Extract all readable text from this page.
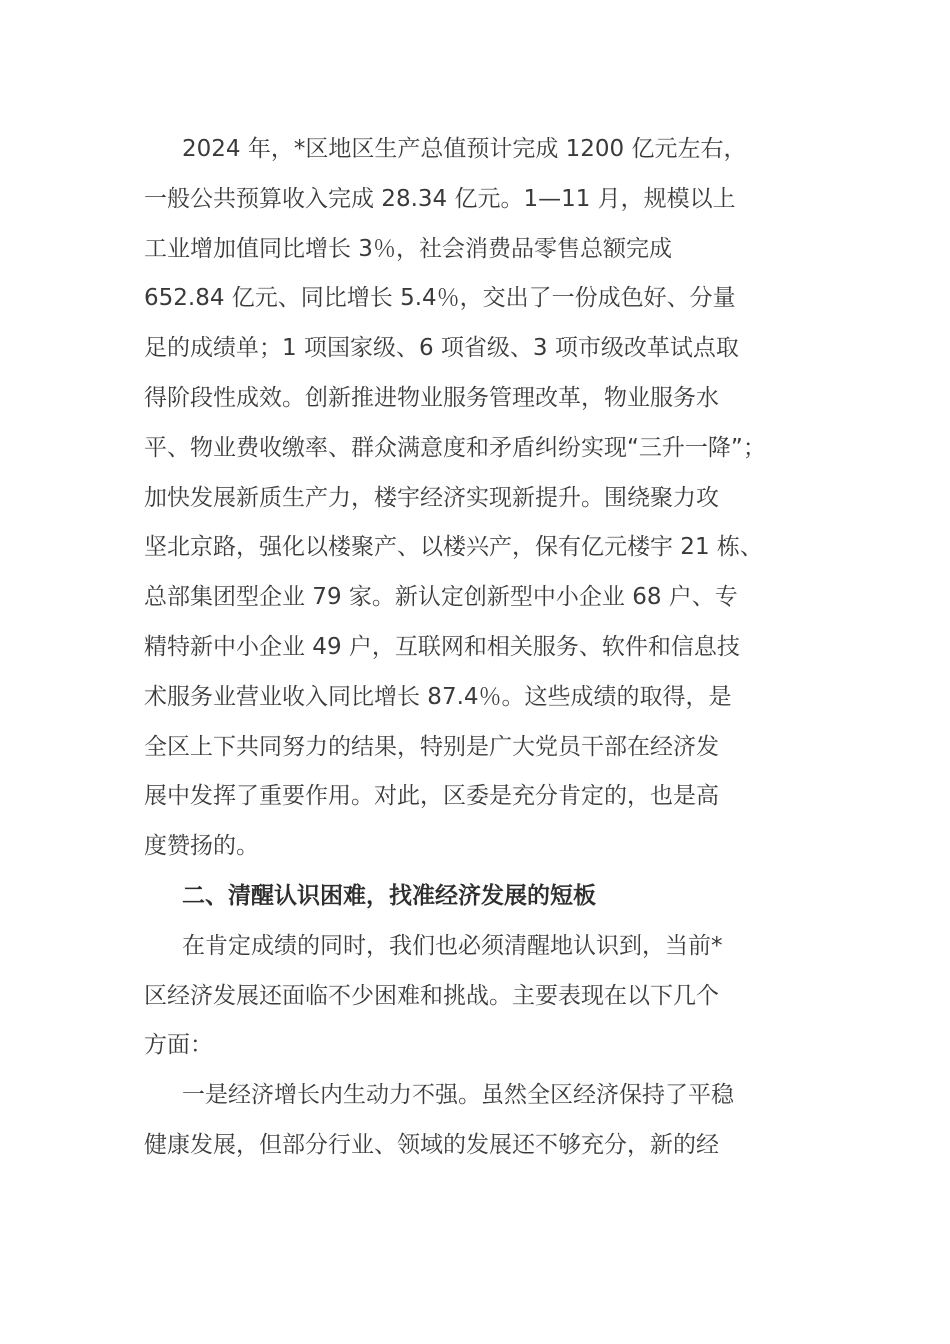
2024 年，*区地区生产总值预计完成 1200 亿元左右，
一般公共预算收入完成 28.34 亿元。1—11 月，规模以上
工业增加值同比增长 3％，社会消费品零售总额完成
652.84 亿元、同比增长 5.4％，交出了一份成色好、分量
足的成绩单；1 项国家级、6 项省级、3 项市级改革试点取
得阶段性成效。创新推进物业服务管理改革，物业服务水
平、物业费收缴率、群众满意度和矛盾纠纷实现“三升一降”；
加快发展新质生产力，楼宇经济实现新提升。围绕聚力攻
坚北京路，强化以楼聚产、以楼兴产，保有亿元楼宇 21 栋、
总部集团型企业 79 家。新认定创新型中小企业 68 户、专
精特新中小企业 49 户，互联网和相关服务、软件和信息技
术服务业营业收入同比增长 87.4％。这些成绩的取得，是
全区上下共同努力的结果，特别是广大党员干部在经济发
展中发挥了重要作用。对此，区委是充分肯定的，也是高
度赞扬的。
二、清醒认识困难，找准经济发展的短板
在肯定成绩的同时，我们也必须清醒地认识到，当前*
区经济发展还面临不少困难和挑战。主要表现在以下几个
方面：
一是经济增长内生动力不强。虽然全区经济保持了平稳
健康发展，但部分行业、领域的发展还不够充分，新的经
